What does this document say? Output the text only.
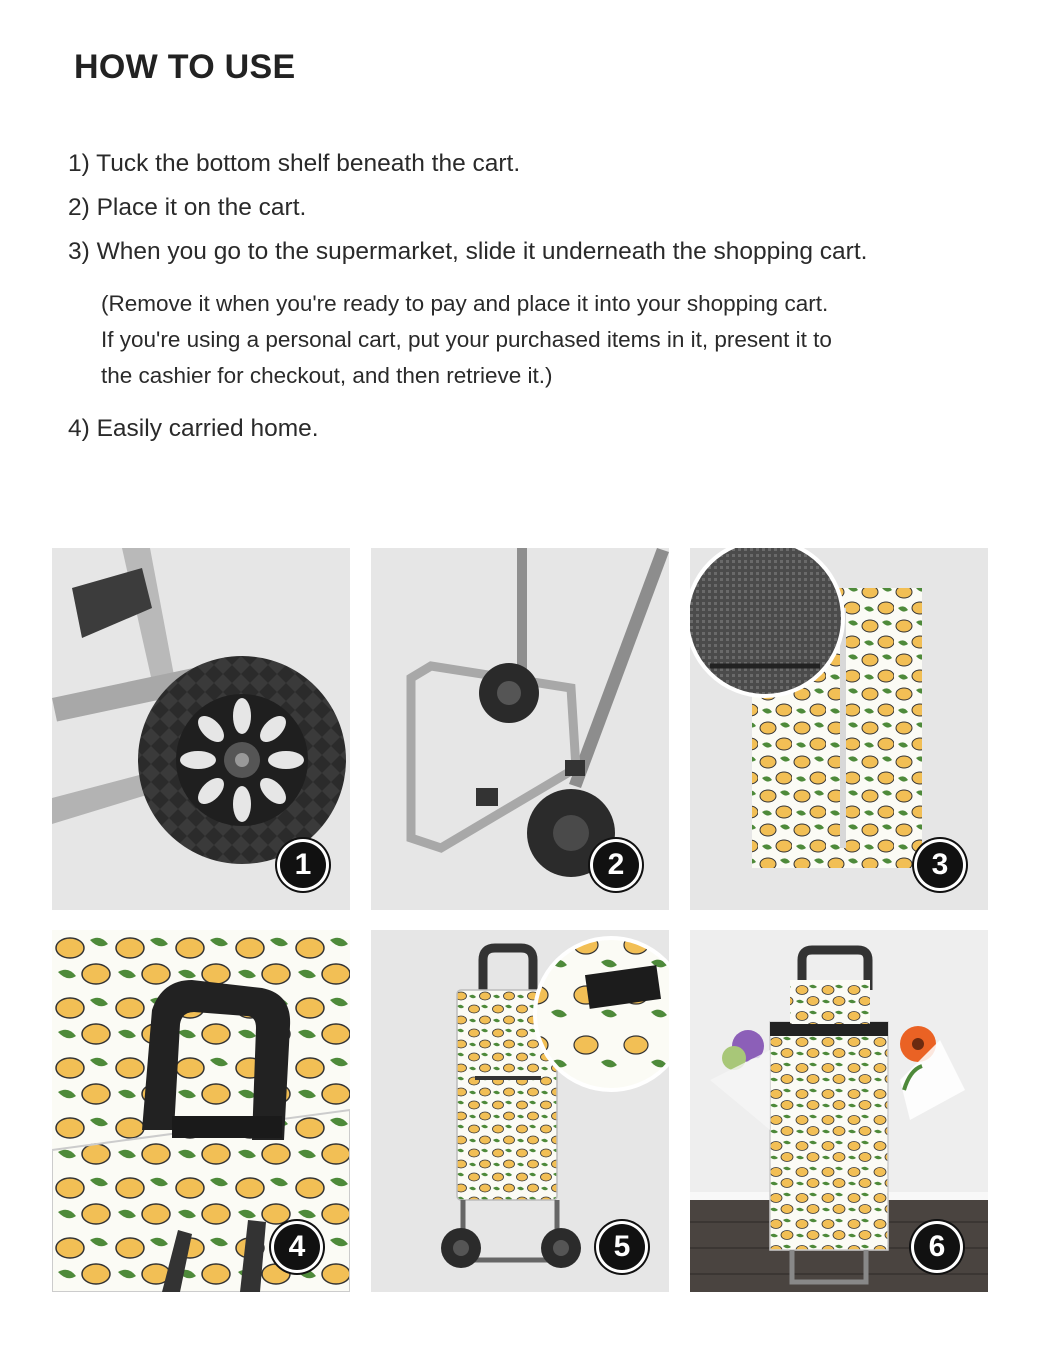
HOW TO USE
1) Tuck the bottom shelf beneath the cart.
2) Place it on the cart.
3) When you go to the supermarket, slide it underneath the shopping cart.
(Remove it when you're ready to pay and place it into your shopping cart.
If you're using a personal cart, put your purchased items in it, present it to
the cashier for checkout, and then retrieve it.)
4) Easily carried home.
1	2	3
4	5	6
